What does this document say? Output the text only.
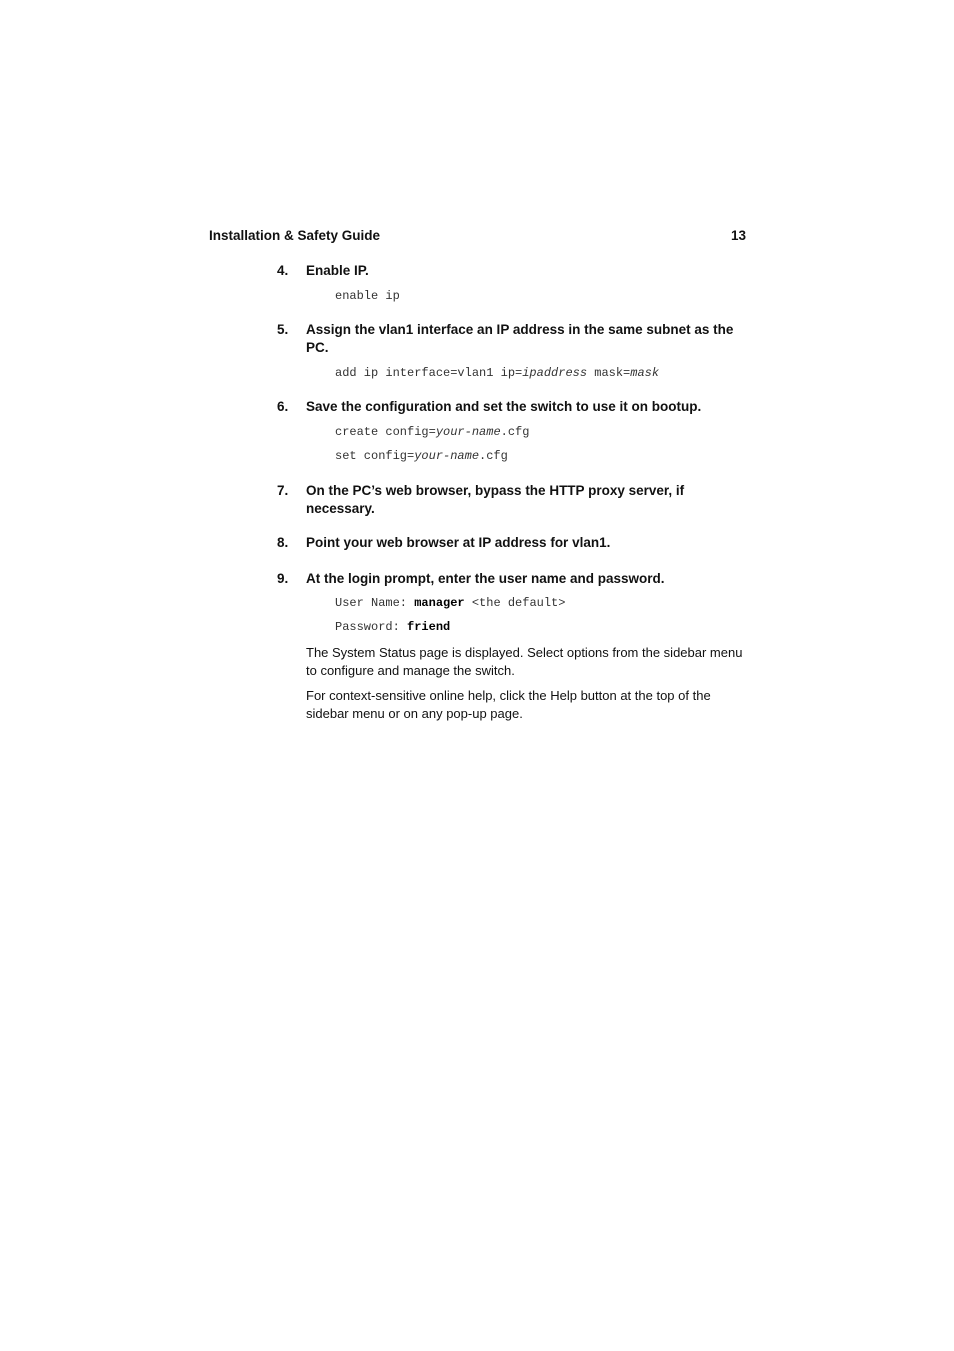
Installation & Safety Guide	13
4. Enable IP.
enable ip
5. Assign the vlan1 interface an IP address in the same subnet as the PC.
add ip interface=vlan1 ip=ipaddress mask=mask
6. Save the configuration and set the switch to use it on bootup.
create config=your-name.cfg
set config=your-name.cfg
7. On the PC’s web browser, bypass the HTTP proxy server, if necessary.
8. Point your web browser at IP address for vlan1.
9. At the login prompt, enter the user name and password.
User Name: manager <the default>
Password: friend
The System Status page is displayed. Select options from the sidebar menu to configure and manage the switch.
For context-sensitive online help, click the Help button at the top of the sidebar menu or on any pop-up page.
